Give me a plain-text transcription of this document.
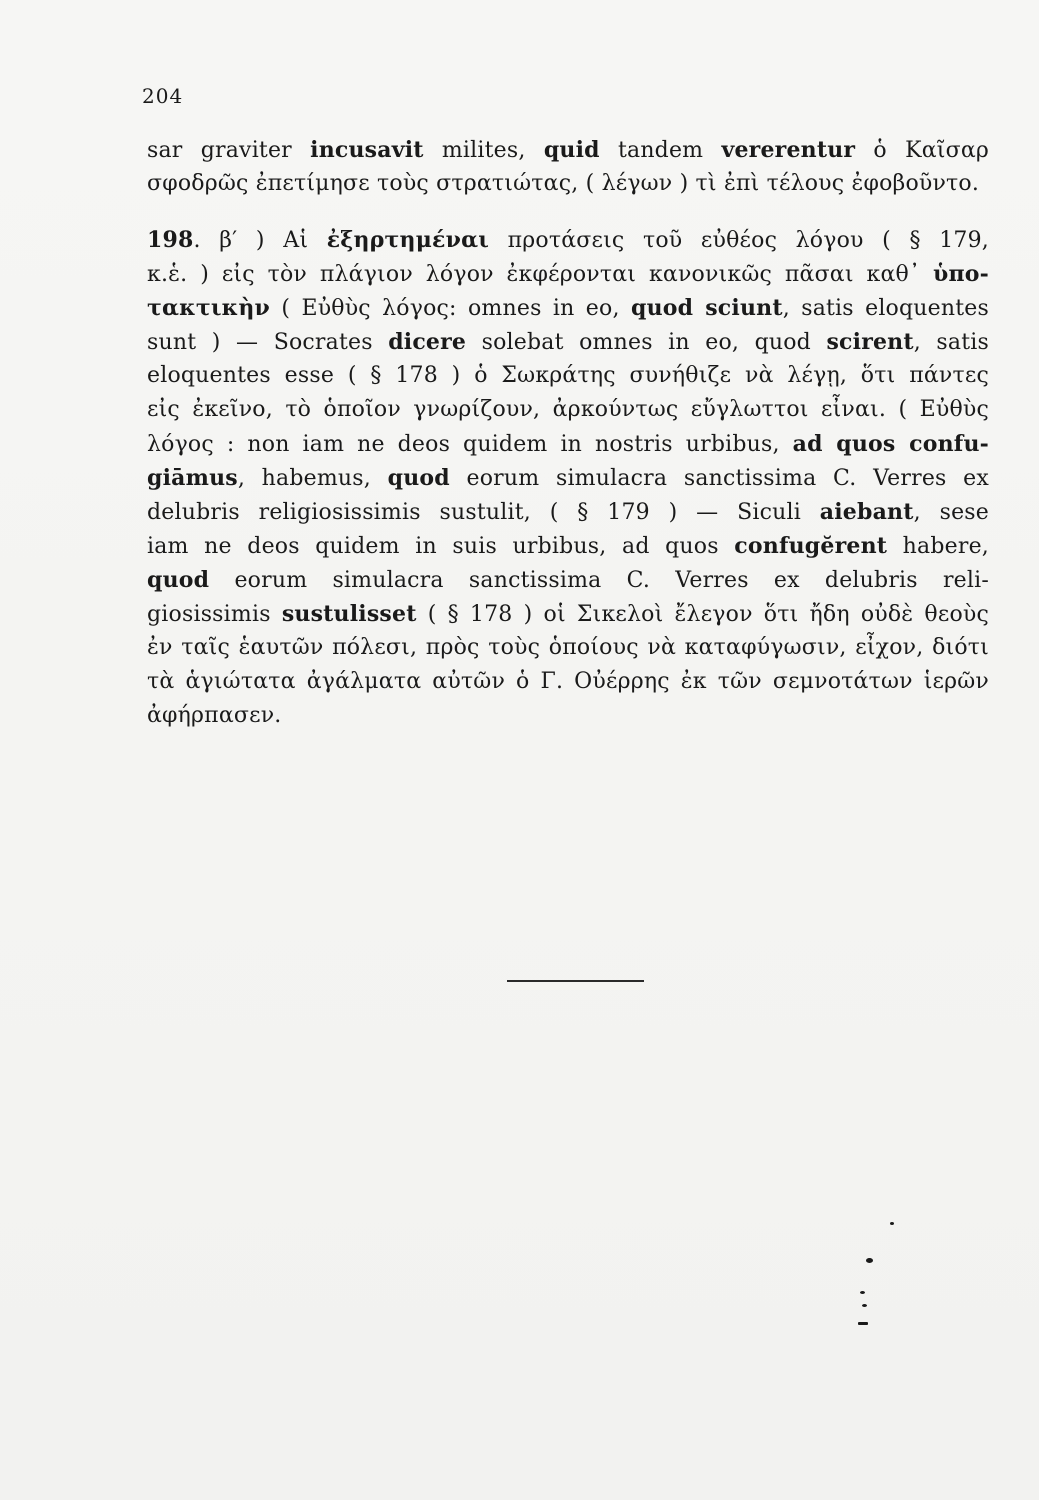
204
sar graviter incusavit milites, quid tandem vererentur ὁ Καῖσαρ
σφοδρῶς ἐπετίμησε τοὺς στρατιώτας, ( λέγων ) τὶ ἐπὶ τέλους ἐφοβοῦντο.
198. β′ ) Αἱ ἐξηρτημέναι προτάσεις τοῦ εὐθέος λόγου ( § 179,
κ.ἑ. ) εἰς τὸν πλάγιον λόγον ἐκφέρονται κανονικῶς πᾶσαι καθ᾽ ὑπο-
τακτικὴν ( Εὐθὺς λόγος: omnes in eo, quod sciunt, satis eloquentes
sunt ) — Socrates dicere solebat omnes in eo, quod scirent, satis
eloquentes esse ( § 178 ) ὁ Σωκράτης συνήθιζε νὰ λέγῃ, ὅτι πάντες
εἰς ἐκεῖνο, τὸ ὁποῖον γνωρίζουν, ἀρκούντως εὔγλωττοι εἶναι. ( Εὐθὺς
λόγος : non iam ne deos quidem in nostris urbibus, ad quos confu-
giāmus, habemus, quod eorum simulacra sanctissima C. Verres ex
delubris religiosissimis sustulit, ( § 179 ) — Siculi aiebant, sese
iam ne deos quidem in suis urbibus, ad quos confugĕrent habere,
quod eorum simulacra sanctissima C. Verres ex delubris reli-
giosissimis sustulisset ( § 178 ) οἱ Σικελοὶ ἔλεγον ὅτι ἤδη οὐδὲ θεοὺς
ἐν ταῖς ἑαυτῶν πόλεσι, πρὸς τοὺς ὁποίους νὰ καταφύγωσιν, εἶχον, διότι
τὰ ἁγιώτατα ἀγάλματα αὐτῶν ὁ Γ. Οὐέρρης ἐκ τῶν σεμνοτάτων ἱερῶν
ἀφήρπασεν.
